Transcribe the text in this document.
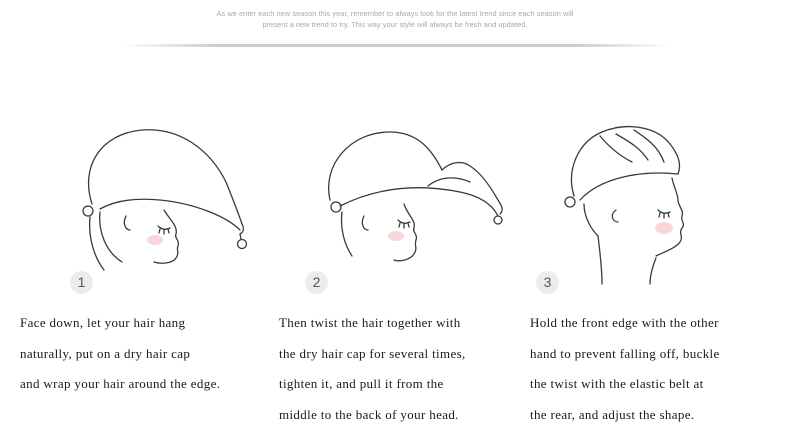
As we enter each new season this year, remember to always look for the latest trend since each season will
present a new trend to try. This way your style will always be fresh and updated.
1	2	3
Face down, let your hair hang
naturally, put on a dry hair cap
and wrap your hair around the edge.
Then twist the hair together with
the dry hair cap for several times,
tighten it, and pull it from the
middle to the back of your head.
Hold the front edge with the other
hand to prevent falling off, buckle
the twist with the elastic belt at
the rear, and adjust the shape.
